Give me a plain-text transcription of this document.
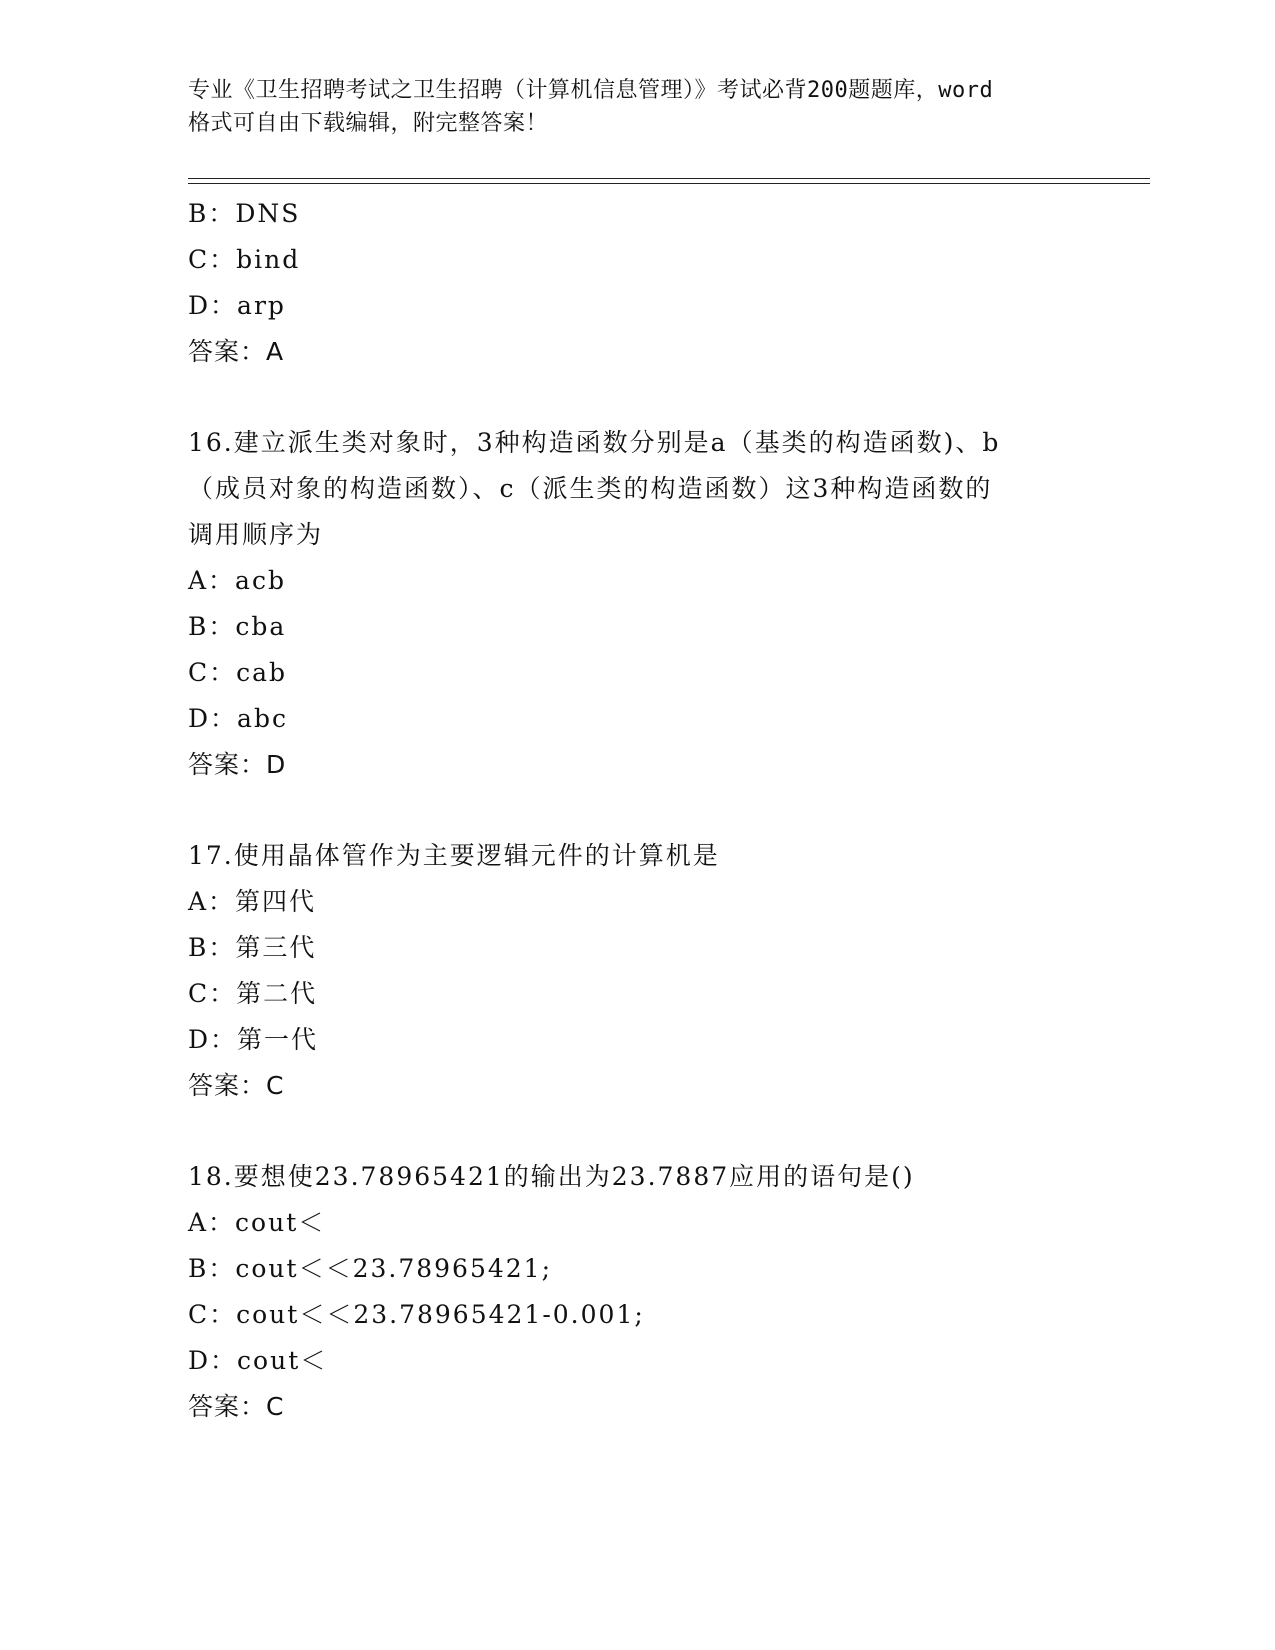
专业《卫生招聘考试之卫生招聘（计算机信息管理）》考试必背200题题库，word
格式可自由下载编辑，附完整答案！
B：DNS
C：bind
D：arp
答案：A
16.建立派生类对象时，3种构造函数分别是a（基类的构造函数)、b
（成员对象的构造函数）、c（派生类的构造函数）这3种构造函数的
调用顺序为
A：acb
B：cba
C：cab
D：abc
答案：D
17.使用晶体管作为主要逻辑元件的计算机是
A：第四代
B：第三代
C：第二代
D：第一代
答案：C
18.要想使23.78965421的输出为23.7887应用的语句是()
A：cout＜
B：cout＜＜23.78965421;
C：cout＜＜23.78965421-0.001;
D：cout＜
答案：C
